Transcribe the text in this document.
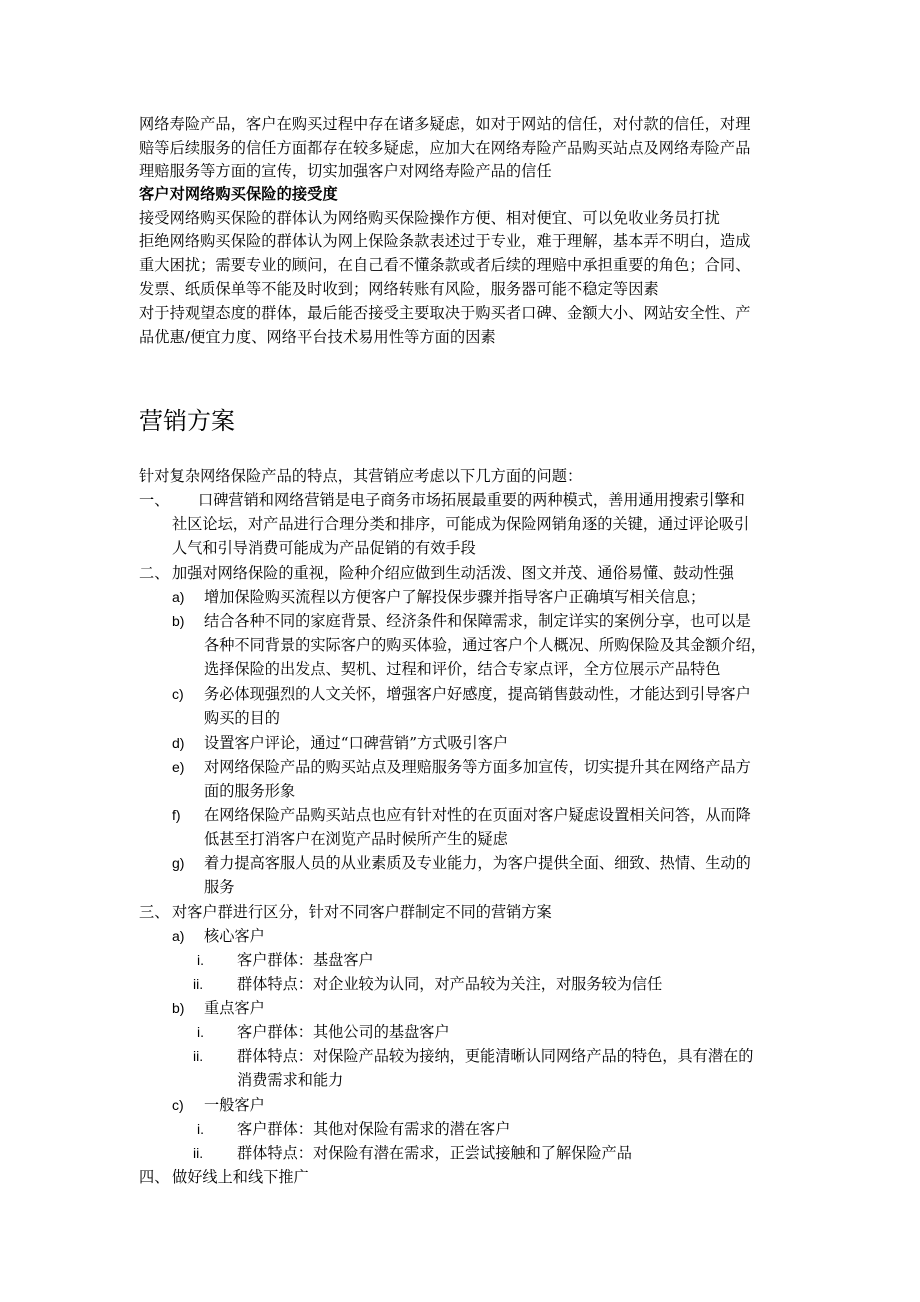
网络寿险产品，客户在购买过程中存在诸多疑虑，如对于网站的信任，对付款的信任，对理
赔等后续服务的信任方面都存在较多疑虑，应加大在网络寿险产品购买站点及网络寿险产品
理赔服务等方面的宣传，切实加强客户对网络寿险产品的信任
客户对网络购买保险的接受度
接受网络购买保险的群体认为网络购买保险操作方便、相对便宜、可以免收业务员打扰
拒绝网络购买保险的群体认为网上保险条款表述过于专业，难于理解，基本弄不明白，造成
重大困扰；需要专业的顾问，在自己看不懂条款或者后续的理赔中承担重要的角色；合同、
发票、纸质保单等不能及时收到；网络转账有风险，服务器可能不稳定等因素
对于持观望态度的群体，最后能否接受主要取决于购买者口碑、金额大小、网站安全性、产
品优惠/便宜力度、网络平台技术易用性等方面的因素
营销方案
针对复杂网络保险产品的特点，其营销应考虑以下几方面的问题：
一、 口碑营销和网络营销是电子商务市场拓展最重要的两种模式，善用通用搜索引擎和
社区论坛，对产品进行合理分类和排序，可能成为保险网销角逐的关键，通过评论吸引
人气和引导消费可能成为产品促销的有效手段
二、 加强对网络保险的重视，险种介绍应做到生动活泼、图文并茂、通俗易懂、鼓动性强
a) 增加保险购买流程以方便客户了解投保步骤并指导客户正确填写相关信息；
b) 结合各种不同的家庭背景、经济条件和保障需求，制定详实的案例分享，也可以是
各种不同背景的实际客户的购买体验，通过客户个人概况、所购保险及其金额介绍，
选择保险的出发点、契机、过程和评价，结合专家点评，全方位展示产品特色
c) 务必体现强烈的人文关怀，增强客户好感度，提高销售鼓动性，才能达到引导客户
购买的目的
d) 设置客户评论，通过“口碑营销”方式吸引客户
e) 对网络保险产品的购买站点及理赔服务等方面多加宣传，切实提升其在网络产品方
面的服务形象
f) 在网络保险产品购买站点也应有针对性的在页面对客户疑虑设置相关问答，从而降
低甚至打消客户在浏览产品时候所产生的疑虑
g) 着力提高客服人员的从业素质及专业能力，为客户提供全面、细致、热情、生动的
服务
三、 对客户群进行区分，针对不同客户群制定不同的营销方案
a) 核心客户
i. 客户群体：基盘客户
ii. 群体特点：对企业较为认同，对产品较为关注，对服务较为信任
b) 重点客户
i. 客户群体：其他公司的基盘客户
ii. 群体特点：对保险产品较为接纳，更能清晰认同网络产品的特色，具有潜在的
消费需求和能力
c) 一般客户
i. 客户群体：其他对保险有需求的潜在客户
ii. 群体特点：对保险有潜在需求，正尝试接触和了解保险产品
四、 做好线上和线下推广
